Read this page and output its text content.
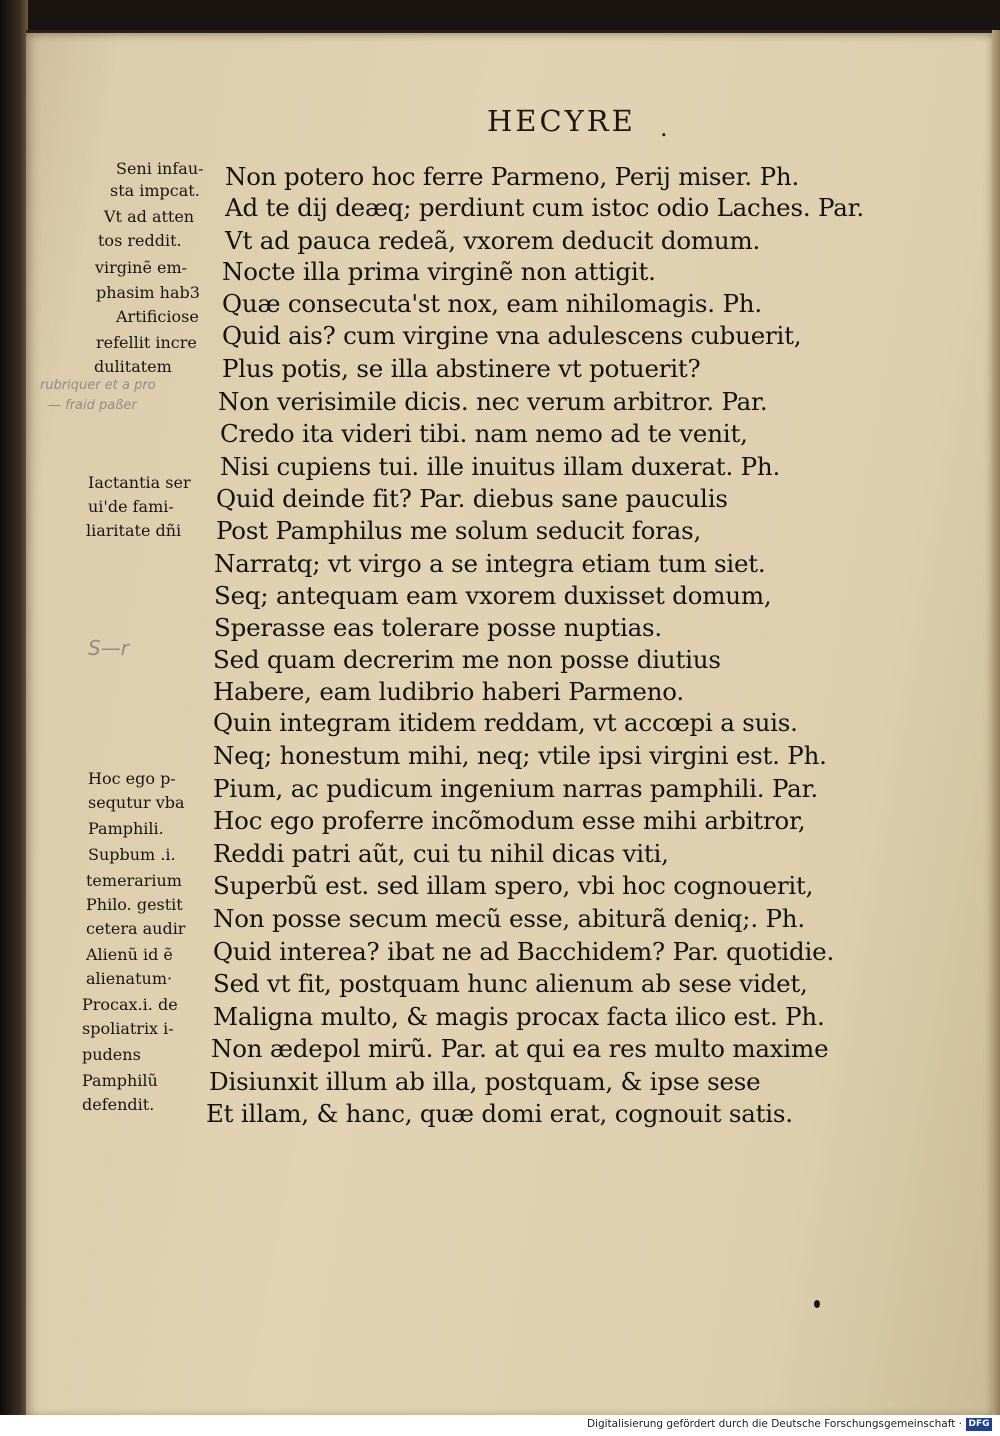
HECYRE .
Non potero hoc ferre Parmeno, Perij miser. Ph.
Ad te dij deæq; perdiunt cum istoc odio Laches. Par.
Vt ad pauca redeã, vxorem deducit domum.
Nocte illa prima virginẽ non attigit.
Quæ consecuta'st nox, eam nihilomagis. Ph.
Quid ais? cum virgine vna adulescens cubuerit,
Plus potis, se illa abstinere vt potuerit?
Non verisimile dicis. nec verum arbitror. Par.
Credo ita videri tibi. nam nemo ad te venit,
Nisi cupiens tui. ille inuitus illam duxerat. Ph.
Quid deinde fit? Par. diebus sane pauculis
Post Pamphilus me solum seducit foras,
Narratq; vt virgo a se integra etiam tum siet.
Seq; antequam eam vxorem duxisset domum,
Sperasse eas tolerare posse nuptias.
Sed quam decrerim me non posse diutius
Habere, eam ludibrio haberi Parmeno.
Quin integram itidem reddam, vt accœpi a suis.
Neq; honestum mihi, neq; vtile ipsi virgini est. Ph.
Pium, ac pudicum ingenium narras pamphili. Par.
Hoc ego proferre incõmodum esse mihi arbitror,
Reddi patri aũt, cui tu nihil dicas viti,
Superbũ est. sed illam spero, vbi hoc cognouerit,
Non posse secum mecũ esse, abiturã deniq;. Ph.
Quid interea? ibat ne ad Bacchidem? Par. quotidie.
Sed vt fit, postquam hunc alienum ab sese videt,
Maligna multo, & magis procax facta ilico est. Ph.
Non ædepol mirũ. Par. at qui ea res multo maxime
Disiunxit illum ab illa, postquam, & ipse sese
Et illam, & hanc, quæ domi erat, cognouit satis.
Seni infau-
sta impcat.
Vt ad atten
tos reddit.
virginẽ em-
phasim hab3
Artificiose
refellit incre
dulitatem
Iactantia ser
ui'de fami-
liaritate dñi
Hoc ego p-
sequtur vba
Pamphili.
Supbum .i.
temerarium
Philo. gestit
cetera audir
Alienũ id ẽ
alienatum·
Procax.i. de
spoliatrix i-
pudens
Pamphilũ
defendit.
rubriquer et a pro
— fraid paßer
S—r
Digitalisierung gefördert durch die Deutsche Forschungsgemeinschaft · DFG
